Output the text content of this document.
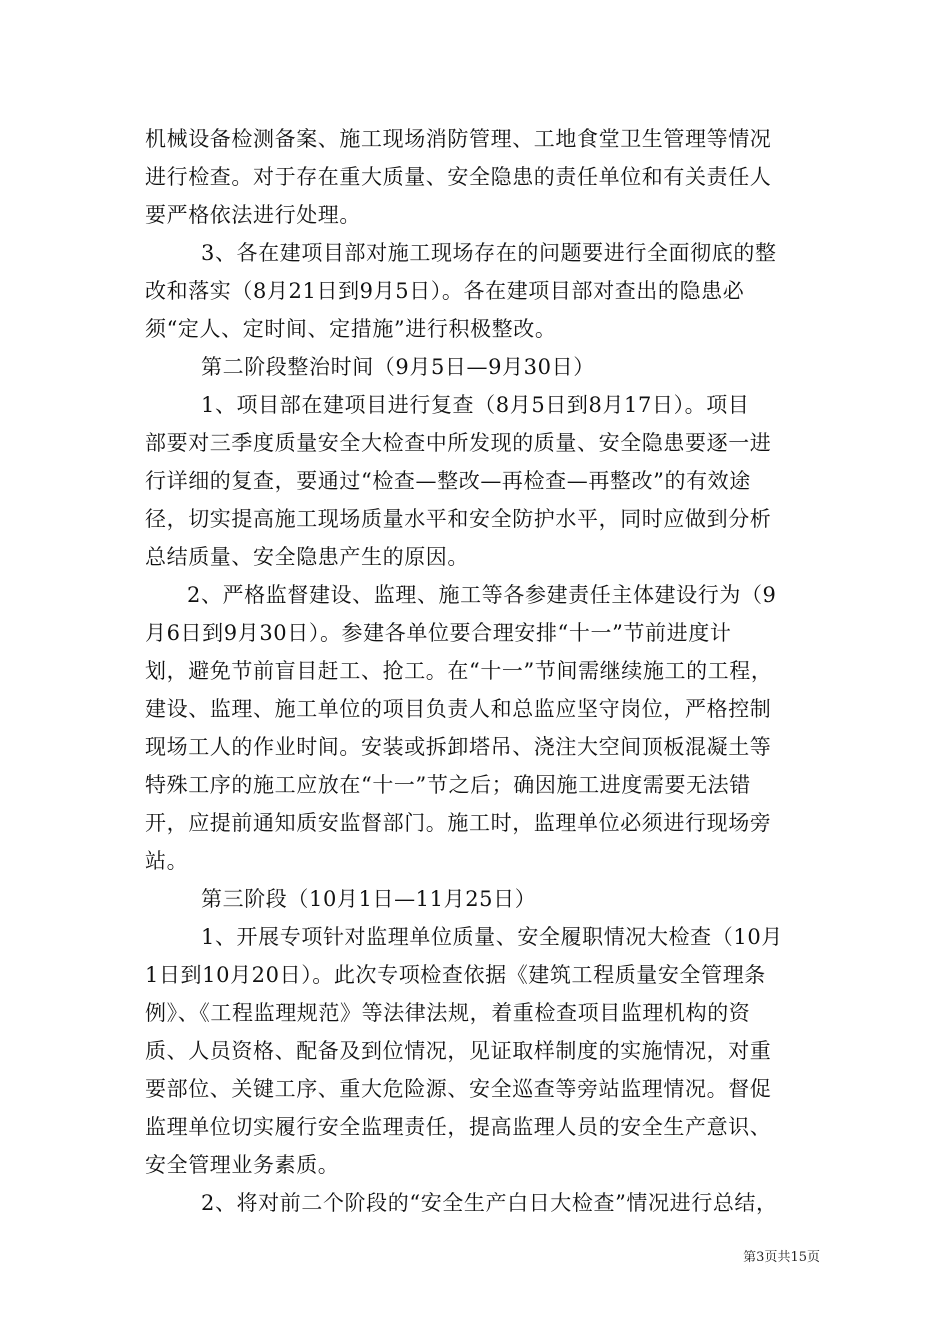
机械设备检测备案、施工现场消防管理、工地食堂卫生管理等情况
进行检查。对于存在重大质量、安全隐患的责任单位和有关责任人
要严格依法进行处理。
3、各在建项目部对施工现场存在的问题要进行全面彻底的整
改和落实（8月21日到9月5日）。各在建项目部对查出的隐患必
须“定人、定时间、定措施”进行积极整改。
第二阶段整治时间（9月5日—9月30日）
1、项目部在建项目进行复查（8月5日到8月17日）。项目
部要对三季度质量安全大检查中所发现的质量、安全隐患要逐一进
行详细的复查，要通过“检查—整改—再检查—再整改”的有效途
径，切实提高施工现场质量水平和安全防护水平，同时应做到分析
总结质量、安全隐患产生的原因。
2、严格监督建设、监理、施工等各参建责任主体建设行为（9
月6日到9月30日）。参建各单位要合理安排“十一”节前进度计
划，避免节前盲目赶工、抢工。在“十一”节间需继续施工的工程，
建设、监理、施工单位的项目负责人和总监应坚守岗位，严格控制
现场工人的作业时间。安装或拆卸塔吊、浇注大空间顶板混凝土等
特殊工序的施工应放在“十一”节之后；确因施工进度需要无法错
开，应提前通知质安监督部门。施工时，监理单位必须进行现场旁
站。
第三阶段（10月1日—11月25日）
1、开展专项针对监理单位质量、安全履职情况大检查（10月
1日到10月20日）。此次专项检查依据《建筑工程质量安全管理条
例》、《工程监理规范》等法律法规，着重检查项目监理机构的资
质、人员资格、配备及到位情况，见证取样制度的实施情况，对重
要部位、关键工序、重大危险源、安全巡查等旁站监理情况。督促
监理单位切实履行安全监理责任，提高监理人员的安全生产意识、
安全管理业务素质。
2、将对前二个阶段的“安全生产白日大检查”情况进行总结，
第3页共15页
